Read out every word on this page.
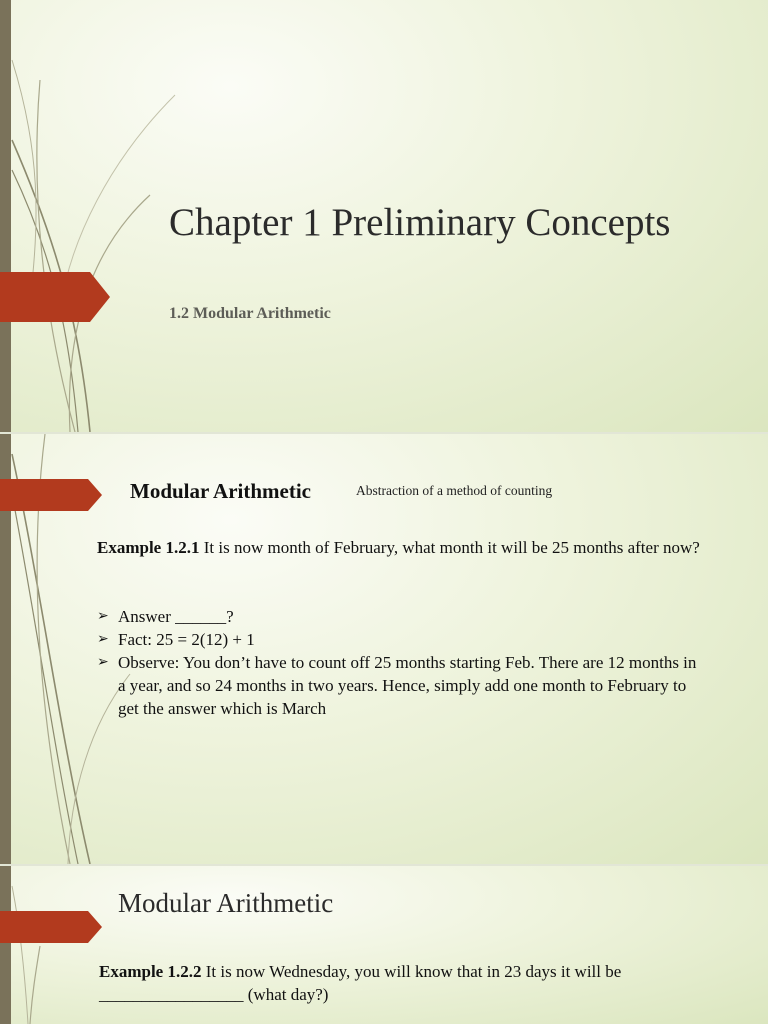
Chapter 1 Preliminary Concepts
1.2 Modular Arithmetic
Modular Arithmetic	Abstraction of a method of counting
Example 1.2.1 It is now month of February, what month it will be 25 months after now?
➢ Answer ______?
➢ Fact: 25 = 2(12) + 1
➢ Observe: You don’t have to count off 25 months starting Feb. There are 12 months in a year, and so 24 months in two years. Hence, simply add one month to February to get the answer which is March
Modular Arithmetic
Example 1.2.2 It is now Wednesday, you will know that in 23 days it will be _________________ (what day?)
